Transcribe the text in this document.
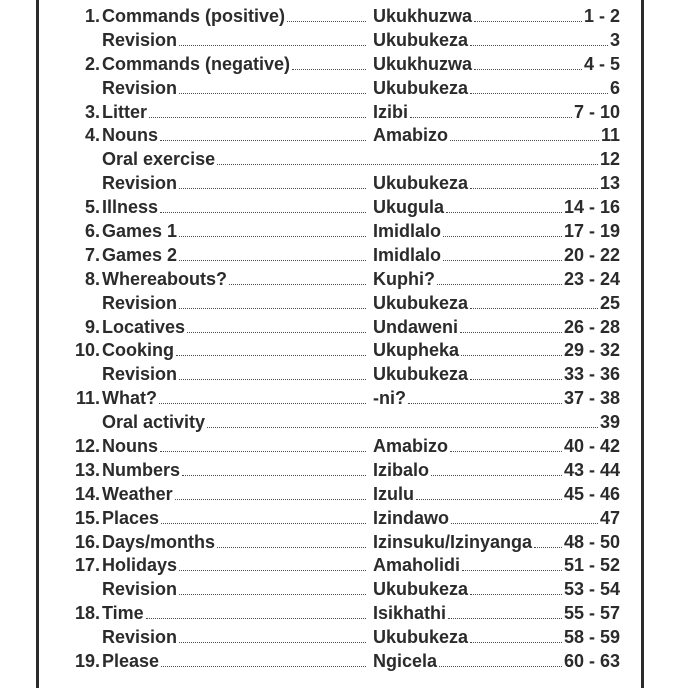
1. Commands (positive)	Ukukhuzwa	1 - 2
Revision	Ukubukeza	3
2. Commands (negative)	Ukukhuzwa	4 - 5
Revision	Ukubukeza	6
3. Litter	Izibi	7 - 10
4. Nouns	Amabizo	11
Oral exercise	12
Revision	Ukubukeza	13
5. Illness	Ukugula	14 - 16
6. Games 1	Imidlalo	17 - 19
7. Games 2	Imidlalo	20 - 22
8. Whereabouts?	Kuphi?	23 - 24
Revision	Ukubukeza	25
9. Locatives	Undaweni	26 - 28
10. Cooking	Ukupheka	29 - 32
Revision	Ukubukeza	33 - 36
11. What?	-ni?	37 - 38
Oral activity	39
12. Nouns	Amabizo	40 - 42
13. Numbers	Izibalo	43 - 44
14. Weather	Izulu	45 - 46
15. Places	Izindawo	47
16. Days/months	Izinsuku/Izinyanga 48 - 50
17. Holidays	Amaholidi	51 - 52
Revision	Ukubukeza	53 - 54
18. Time	Isikhathi	55 - 57
Revision	Ukubukeza	58 - 59
19. Please	Ngicela	60 - 63
